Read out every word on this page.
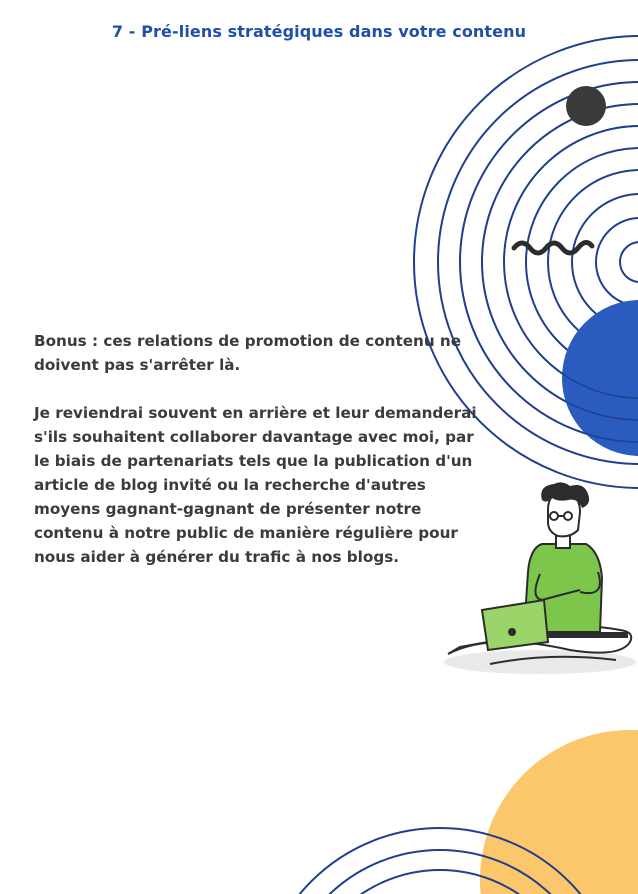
7 - Pré-liens stratégiques dans votre contenu

Bonus : ces relations de promotion de contenu ne doivent pas s'arrêter là.

Je reviendrai souvent en arrière et leur demanderai s'ils souhaitent collaborer davantage avec moi, par le biais de partenariats tels que la publication d'un article de blog invité ou la recherche d'autres moyens gagnant-gagnant de présenter notre contenu à notre public de manière régulière pour nous aider à générer du trafic à nos blogs.
